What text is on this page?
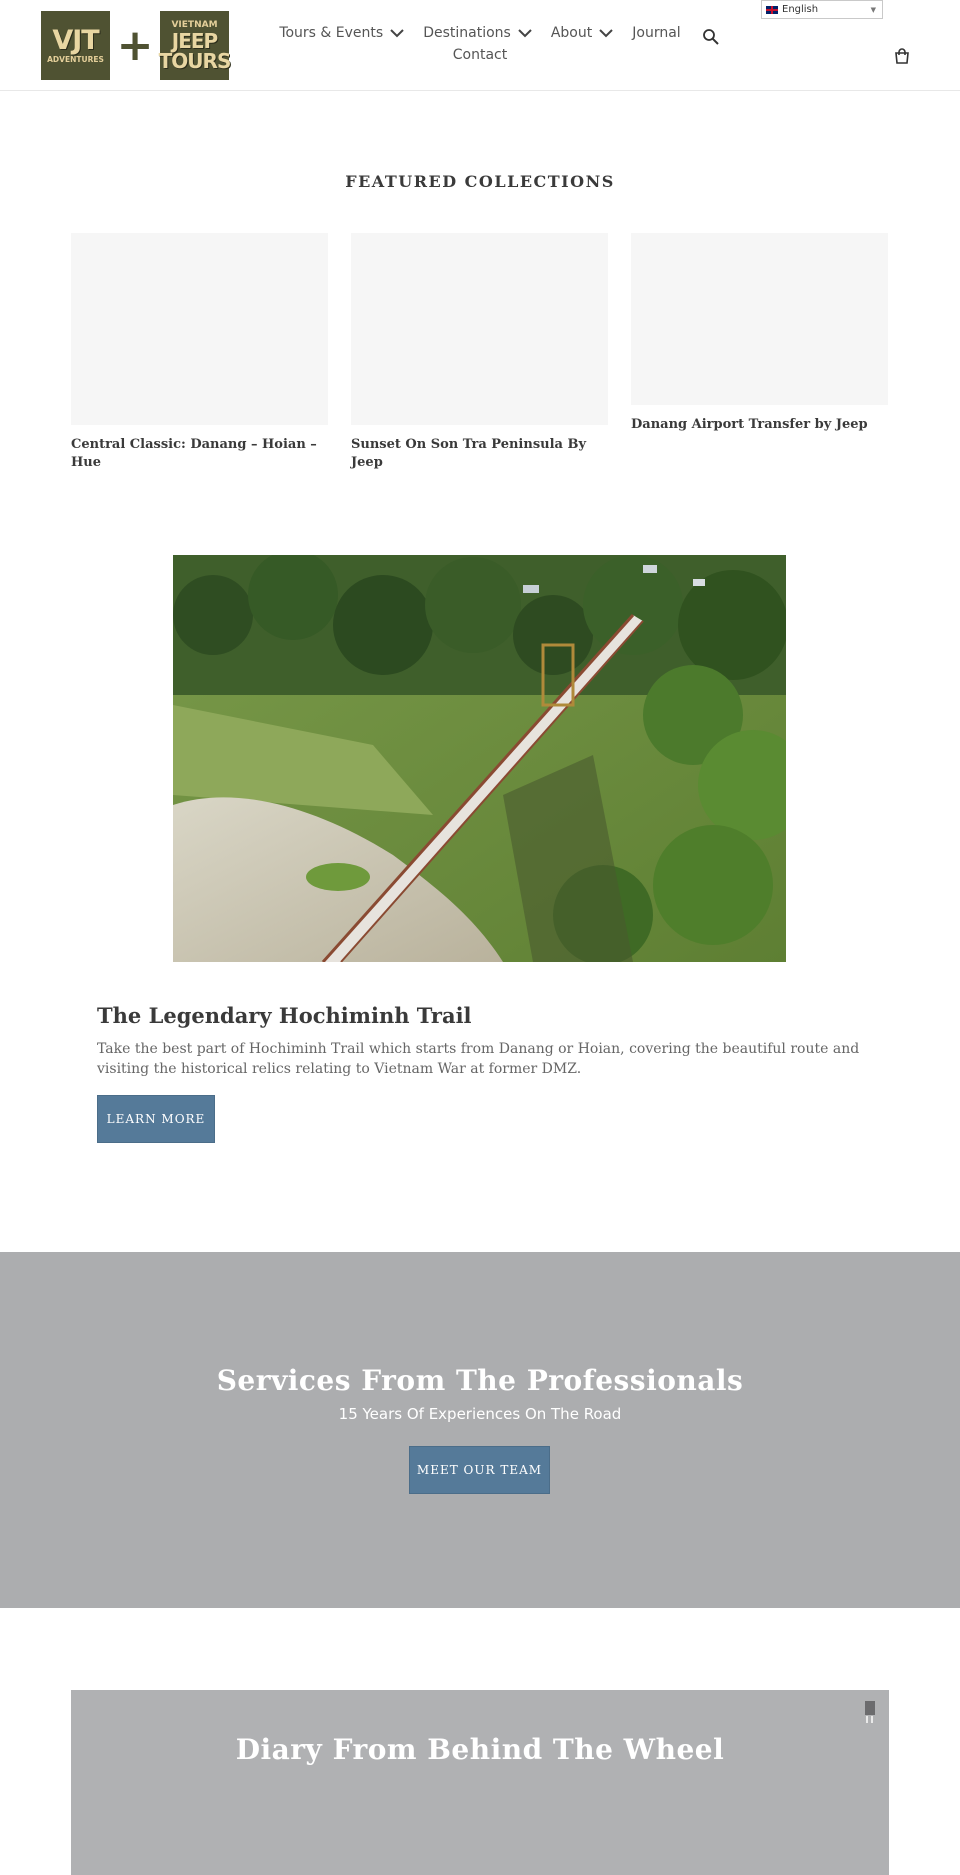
VJT
ADVENTURES +	VIETNAM
JEEP
TOURS
Tours & Events	Destinations	About	Journal
Contact
English	▼
FEATURED COLLECTIONS
Central Classic: Danang – Hoian – Hue
Sunset On Son Tra Peninsula By Jeep
Danang Airport Transfer by Jeep
The Legendary Hochiminh Trail

Take the best part of Hochiminh Trail which starts from Danang or Hoian, covering the beautiful route and visiting the historical relics relating to Vietnam War at former DMZ.

LEARN MORE
Services From The Professionals

15 Years Of Experiences On The Road

MEET OUR TEAM
Diary From Behind The Wheel
